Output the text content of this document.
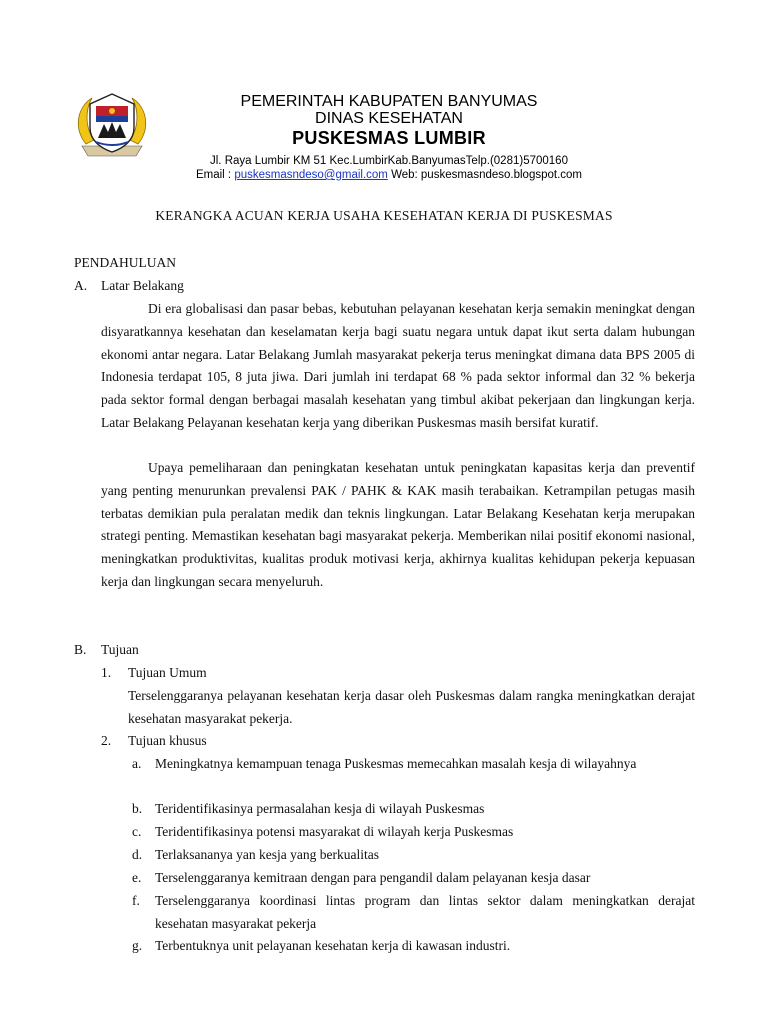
PEMERINTAH KABUPATEN BANYUMAS
DINAS KESEHATAN
PUSKESMAS LUMBIR
Jl. Raya Lumbir KM 51 Kec.LumbirKab.BanyumasTelp.(0281)5700160
Email : puskesmasndeso@gmail.com Web: puskesmasndeso.blogspot.com
KERANGKA ACUAN KERJA USAHA KESEHATAN KERJA DI PUSKESMAS
PENDAHULUAN
A. Latar Belakang
Di era globalisasi dan pasar bebas, kebutuhan pelayanan kesehatan kerja semakin meningkat dengan disyaratkannya kesehatan dan keselamatan kerja bagi suatu negara untuk dapat ikut serta dalam hubungan ekonomi antar negara. Latar Belakang Jumlah masyarakat pekerja terus meningkat dimana data BPS 2005 di Indonesia terdapat 105, 8 juta jiwa. Dari jumlah ini terdapat 68 % pada sektor informal dan 32 % bekerja pada sektor formal dengan berbagai masalah kesehatan yang timbul akibat pekerjaan dan lingkungan kerja. Latar Belakang Pelayanan kesehatan kerja yang diberikan Puskesmas masih bersifat kuratif.
Upaya pemeliharaan dan peningkatan kesehatan untuk peningkatan kapasitas kerja dan preventif yang penting menurunkan prevalensi PAK / PAHK & KAK masih terabaikan. Ketrampilan petugas masih terbatas demikian pula peralatan medik dan teknis lingkungan. Latar Belakang Kesehatan kerja merupakan strategi penting. Memastikan kesehatan bagi masyarakat pekerja. Memberikan nilai positif ekonomi nasional, meningkatkan produktivitas, kualitas produk motivasi kerja, akhirnya kualitas kehidupan pekerja kepuasan kerja dan lingkungan secara menyeluruh.
B. Tujuan
1. Tujuan Umum
Terselenggaranya pelayanan kesehatan kerja dasar oleh Puskesmas dalam rangka meningkatkan derajat kesehatan masyarakat pekerja.
2. Tujuan khusus
a. Meningkatnya kemampuan tenaga Puskesmas memecahkan masalah kesja di wilayahnya
b. Teridentifikasinya permasalahan kesja di wilayah Puskesmas
c. Teridentifikasinya potensi masyarakat di wilayah kerja Puskesmas
d. Terlaksananya yan kesja yang berkualitas
e. Terselenggaranya kemitraan dengan para pengandil dalam pelayanan kesja dasar
f. Terselenggaranya koordinasi lintas program dan lintas sektor dalam meningkatkan derajat kesehatan masyarakat pekerja
g. Terbentuknya unit pelayanan kesehatan kerja di kawasan industri.
